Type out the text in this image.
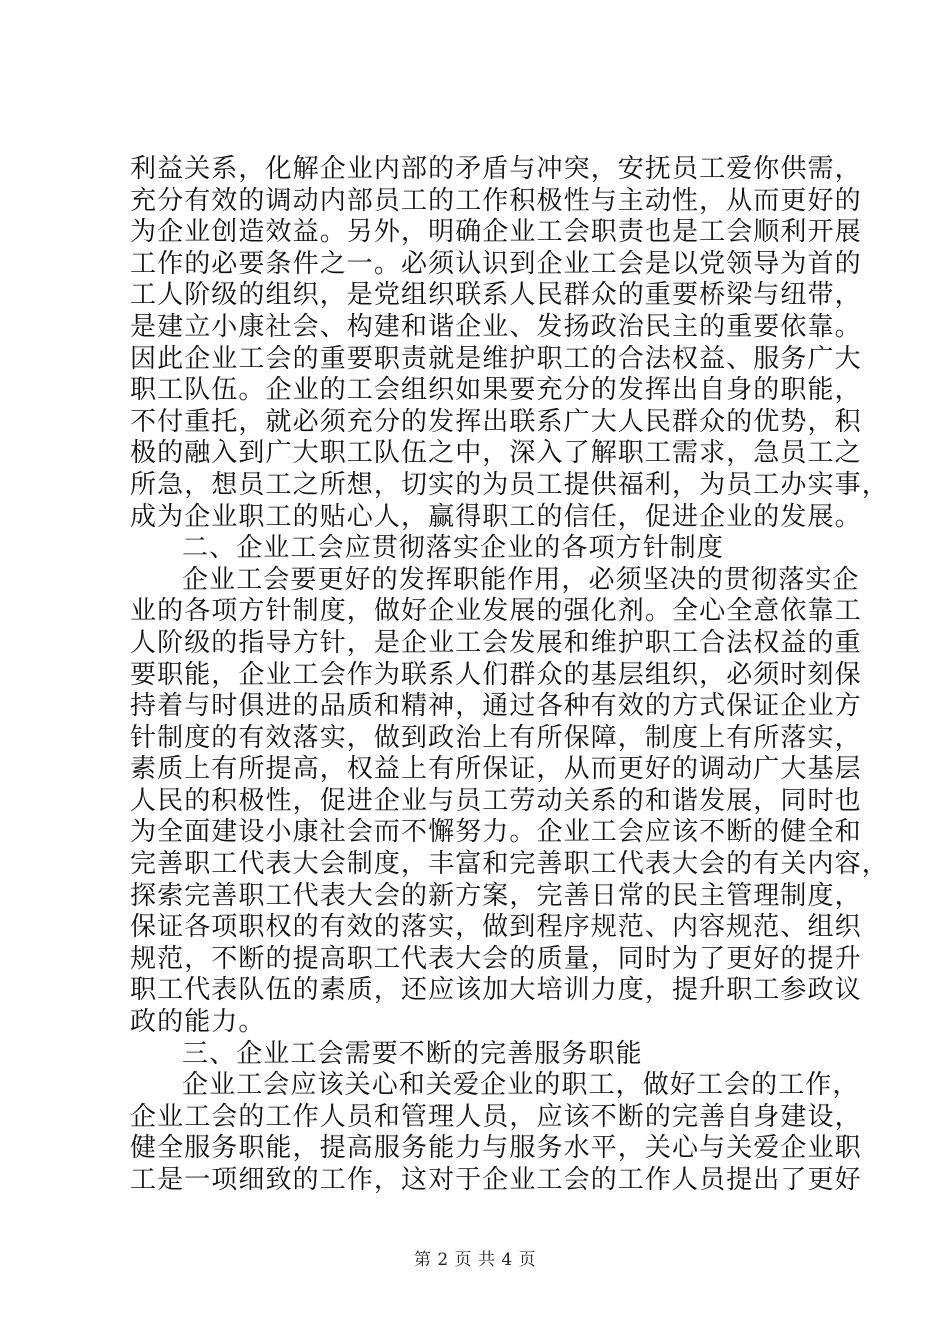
利益关系，化解企业内部的矛盾与冲突，安抚员工爱你供需，
充分有效的调动内部员工的工作积极性与主动性，从而更好的
为企业创造效益。另外，明确企业工会职责也是工会顺利开展
工作的必要条件之一。必须认识到企业工会是以党领导为首的
工人阶级的组织，是党组织联系人民群众的重要桥梁与纽带，
是建立小康社会、构建和谐企业、发扬政治民主的重要依靠。
因此企业工会的重要职责就是维护职工的合法权益、服务广大
职工队伍。企业的工会组织如果要充分的发挥出自身的职能，
不付重托，就必须充分的发挥出联系广大人民群众的优势，积
极的融入到广大职工队伍之中，深入了解职工需求，急员工之
所急，想员工之所想，切实的为员工提供福利，为员工办实事，
成为企业职工的贴心人，赢得职工的信任，促进企业的发展。
二、企业工会应贯彻落实企业的各项方针制度
企业工会要更好的发挥职能作用，必须坚决的贯彻落实企
业的各项方针制度，做好企业发展的强化剂。全心全意依靠工
人阶级的指导方针，是企业工会发展和维护职工合法权益的重
要职能，企业工会作为联系人们群众的基层组织，必须时刻保
持着与时俱进的品质和精神，通过各种有效的方式保证企业方
针制度的有效落实，做到政治上有所保障，制度上有所落实，
素质上有所提高，权益上有所保证，从而更好的调动广大基层
人民的积极性，促进企业与员工劳动关系的和谐发展，同时也
为全面建设小康社会而不懈努力。企业工会应该不断的健全和
完善职工代表大会制度，丰富和完善职工代表大会的有关内容，
探索完善职工代表大会的新方案，完善日常的民主管理制度，
保证各项职权的有效的落实，做到程序规范、内容规范、组织
规范，不断的提高职工代表大会的质量，同时为了更好的提升
职工代表队伍的素质，还应该加大培训力度，提升职工参政议
政的能力。
三、企业工会需要不断的完善服务职能
企业工会应该关心和关爱企业的职工，做好工会的工作，
企业工会的工作人员和管理人员，应该不断的完善自身建设，
健全服务职能，提高服务能力与服务水平，关心与关爱企业职
工是一项细致的工作，这对于企业工会的工作人员提出了更好
第 2 页 共 4 页
